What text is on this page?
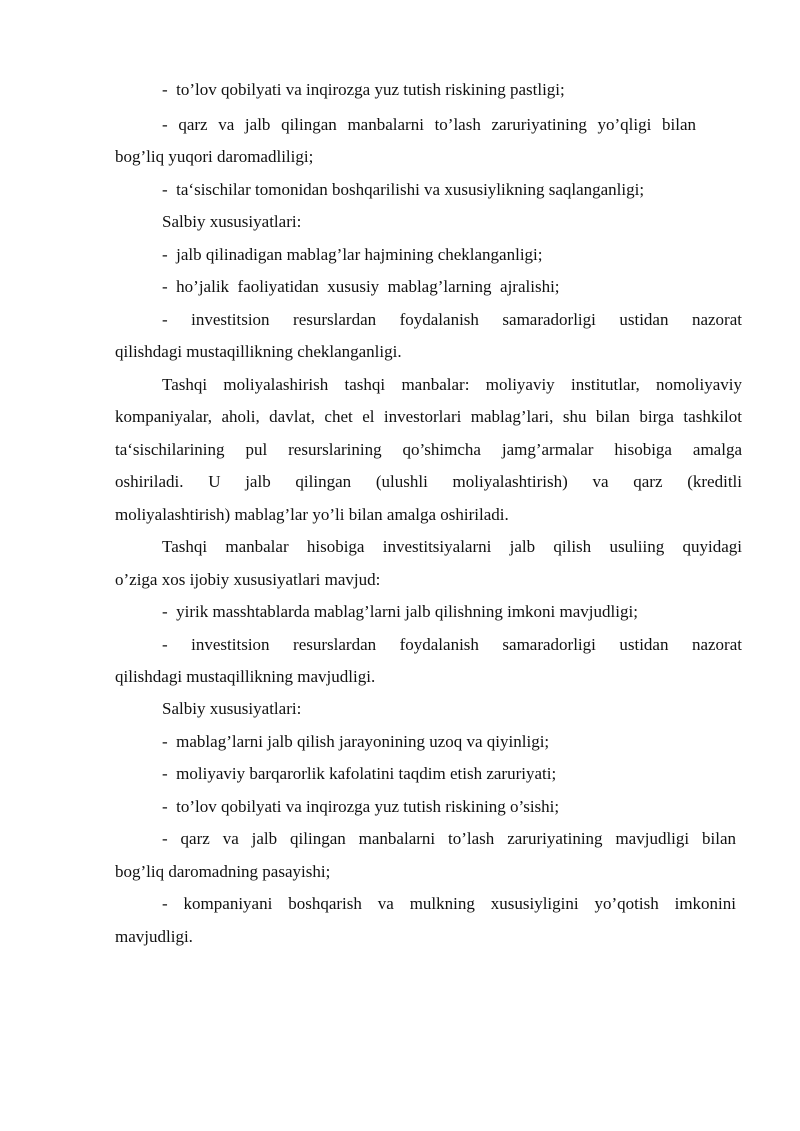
-  to’lov qobilyati va inqirozga yuz tutish riskining pastligi;
- qarz va jalb qilingan manbalarni to’lash zaruriyatining yo’qligi bilan
bog’liq yuqori daromadliligi;
-  ta‘sischilar tomonidan boshqarilishi va xususiylikning saqlanganligi;
Salbiy xususiyatlari:
-  jalb qilinadigan mablag’lar hajmining cheklanganligi;
-  ho’jalik  faoliyatidan  xususiy  mablag’larning  ajralishi;
- investitsion resurslardan foydalanish samaradorligi ustidan nazorat
qilishdagi mustaqillikning cheklanganligi.
Tashqi moliyalashirish tashqi manbalar: moliyaviy institutlar, nomoliyaviy
kompaniyalar, aholi, davlat, chet el investorlari mablag’lari, shu bilan birga tashkilot
ta‘sischilarining pul resurslarining qo’shimcha jamg’armalar hisobiga amalga
oshiriladi. U jalb qilingan (ulushli moliyalashtirish) va qarz (kreditli
moliyalashtirish) mablag’lar yo’li bilan amalga oshiriladi.
Tashqi manbalar hisobiga investitsiyalarni jalb qilish usuliing quyidagi
o’ziga xos ijobiy xususiyatlari mavjud:
-  yirik masshtablarda mablag’larni jalb qilishning imkoni mavjudligi;
- investitsion resurslardan foydalanish samaradorligi ustidan nazorat
qilishdagi mustaqillikning mavjudligi.
Salbiy xususiyatlari:
-  mablag’larni jalb qilish jarayonining uzoq va qiyinligi;
-  moliyaviy barqarorlik kafolatini taqdim etish zaruriyati;
-  to’lov qobilyati va inqirozga yuz tutish riskining o’sishi;
- qarz va jalb qilingan manbalarni to’lash zaruriyatining mavjudligi bilan
bog’liq daromadning pasayishi;
- kompaniyani boshqarish va mulkning xususiyligini yo’qotish imkonini
mavjudligi.
